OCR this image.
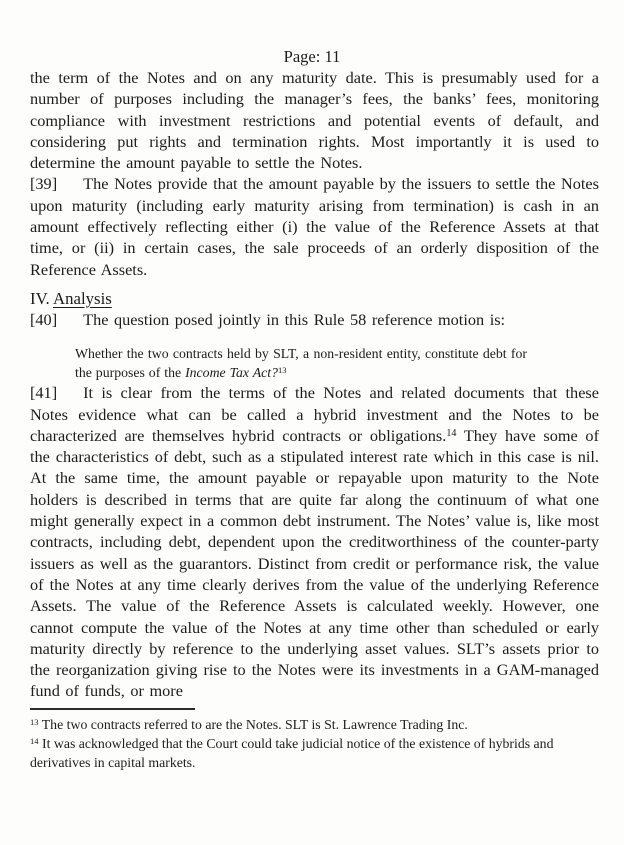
Page: 11

the term of the Notes and on any maturity date. This is presumably used for a number of purposes including the manager’s fees, the banks’ fees, monitoring compliance with investment restrictions and potential events of default, and considering put rights and termination rights. Most importantly it is used to determine the amount payable to settle the Notes.

[39] The Notes provide that the amount payable by the issuers to settle the Notes upon maturity (including early maturity arising from termination) is cash in an amount effectively reflecting either (i) the value of the Reference Assets at that time, or (ii) in certain cases, the sale proceeds of an orderly disposition of the Reference Assets.

IV. Analysis

[40] The question posed jointly in this Rule 58 reference motion is:

Whether the two contracts held by SLT, a non-resident entity, constitute debt for the purposes of the Income Tax Act?$^{13}$

[41] It is clear from the terms of the Notes and related documents that these Notes evidence what can be called a hybrid investment and the Notes to be characterized are themselves hybrid contracts or obligations.$^{14}$ They have some of the characteristics of debt, such as a stipulated interest rate which in this case is nil. At the same time, the amount payable or repayable upon maturity to the Note holders is described in terms that are quite far along the continuum of what one might generally expect in a common debt instrument. The Notes’ value is, like most contracts, including debt, dependent upon the creditworthiness of the counter-party issuers as well as the guarantors. Distinct from credit or performance risk, the value of the Notes at any time clearly derives from the value of the underlying Reference Assets. The value of the Reference Assets is calculated weekly. However, one cannot compute the value of the Notes at any time other than scheduled or early maturity directly by reference to the underlying asset values. SLT’s assets prior to the reorganization giving rise to the Notes were its investments in a GAM-managed fund of funds, or more

$^{13}$ The two contracts referred to are the Notes. SLT is St. Lawrence Trading Inc.

$^{14}$ It was acknowledged that the Court could take judicial notice of the existence of hybrids and derivatives in capital markets.
